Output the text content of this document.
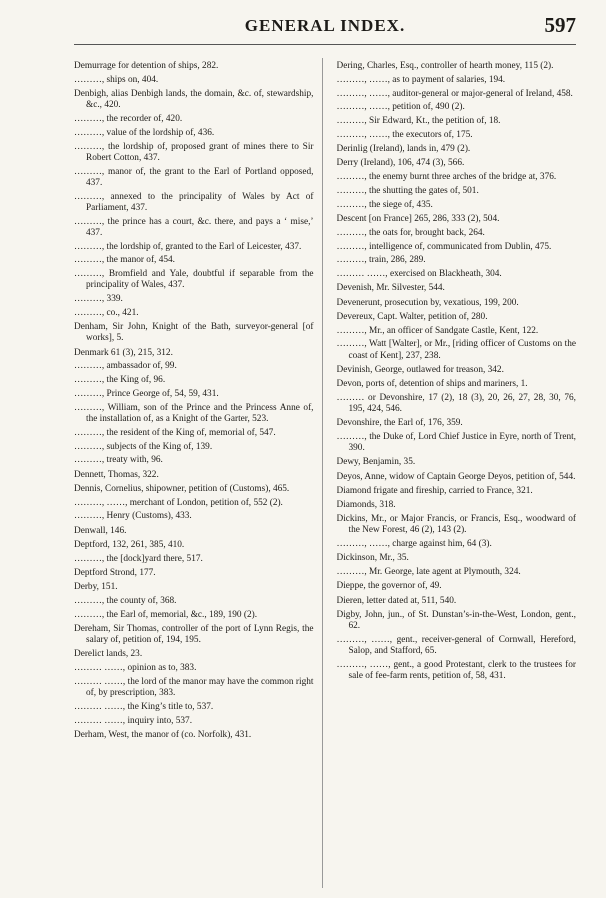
GENERAL INDEX.	597
Demurrage for detention of ships, 282.
………, ships on, 404.
Denbigh, alias Denbigh lands, the domain, &c. of, stewardship, &c., 420.
………, the recorder of, 420.
………, value of the lordship of, 436.
………, the lordship of, proposed grant of mines there to Sir Robert Cotton, 437.
………, manor of, the grant to the Earl of Portland opposed, 437.
………, annexed to the principality of Wales by Act of Parliament, 437.
………, the prince has a court, &c. there, and pays a ‘ mise,’ 437.
………, the lordship of, granted to the Earl of Leicester, 437.
………, the manor of, 454.
………, Bromfield and Yale, doubtful if separable from the principality of Wales, 437.
………, 339.
………, co., 421.
Denham, Sir John, Knight of the Bath, surveyor-general [of works], 5.
Denmark 61 (3), 215, 312.
………, ambassador of, 99.
………, the King of, 96.
………, Prince George of, 54, 59, 431.
………, William, son of the Prince and the Princess Anne of, the installation of, as a Knight of the Garter, 523.
………, the resident of the King of, memorial of, 547.
………, subjects of the King of, 139.
………, treaty with, 96.
Dennett, Thomas, 322.
Dennis, Cornelius, shipowner, petition of (Customs), 465.
………, ……, merchant of London, petition of, 552 (2).
………, Henry (Customs), 433.
Denwall, 146.
Deptford, 132, 261, 385, 410.
………, the [dock]yard there, 517.
Deptford Strond, 177.
Derby, 151.
………, the county of, 368.
………, the Earl of, memorial, &c., 189, 190 (2).
Dereham, Sir Thomas, controller of the port of Lynn Regis, the salary of, petition of, 194, 195.
Derelict lands, 23.
……… ……, opinion as to, 383.
……… ……, the lord of the manor may have the common right of, by prescription, 383.
……… ……, the King’s title to, 537.
……… ……, inquiry into, 537.
Derham, West, the manor of (co. Norfolk), 431.
Dering, Charles, Esq., controller of hearth money, 115 (2).
………, ……, as to payment of salaries, 194.
………, ……, auditor-general or major-general of Ireland, 458.
………, ……, petition of, 490 (2).
………, Sir Edward, Kt., the petition of, 18.
………, ……, the executors of, 175.
Derinlig (Ireland), lands in, 479 (2).
Derry (Ireland), 106, 474 (3), 566.
………, the enemy burnt three arches of the bridge at, 376.
………, the shutting the gates of, 501.
………, the siege of, 435.
Descent [on France] 265, 286, 333 (2), 504.
………, the oats for, brought back, 264.
………, intelligence of, communicated from Dublin, 475.
………, train, 286, 289.
……… ……, exercised on Blackheath, 304.
Devenish, Mr. Silvester, 544.
Devenerunt, prosecution by, vexatious, 199, 200.
Devereux, Capt. Walter, petition of, 280.
………, Mr., an officer of Sandgate Castle, Kent, 122.
………, Watt [Walter], or Mr., [riding officer of Customs on the coast of Kent], 237, 238.
Devinish, George, outlawed for treason, 342.
Devon, ports of, detention of ships and mariners, 1.
……… or Devonshire, 17 (2), 18 (3), 20, 26, 27, 28, 30, 76, 195, 424, 546.
Devonshire, the Earl of, 176, 359.
………, the Duke of, Lord Chief Justice in Eyre, north of Trent, 390.
Dewy, Benjamin, 35.
Deyos, Anne, widow of Captain George Deyos, petition of, 544.
Diamond frigate and fireship, carried to France, 321.
Diamonds, 318.
Dickins, Mr., or Major Francis, or Francis, Esq., woodward of the New Forest, 46 (2), 143 (2).
………, ……, charge against him, 64 (3).
Dickinson, Mr., 35.
………, Mr. George, late agent at Plymouth, 324.
Dieppe, the governor of, 49.
Dieren, letter dated at, 511, 540.
Digby, John, jun., of St. Dunstan’s-in-the-West, London, gent., 62.
………, ……, gent., receiver-general of Cornwall, Hereford, Salop, and Stafford, 65.
………, ……, gent., a good Protestant, clerk to the trustees for sale of fee-farm rents, petition of, 58, 431.
